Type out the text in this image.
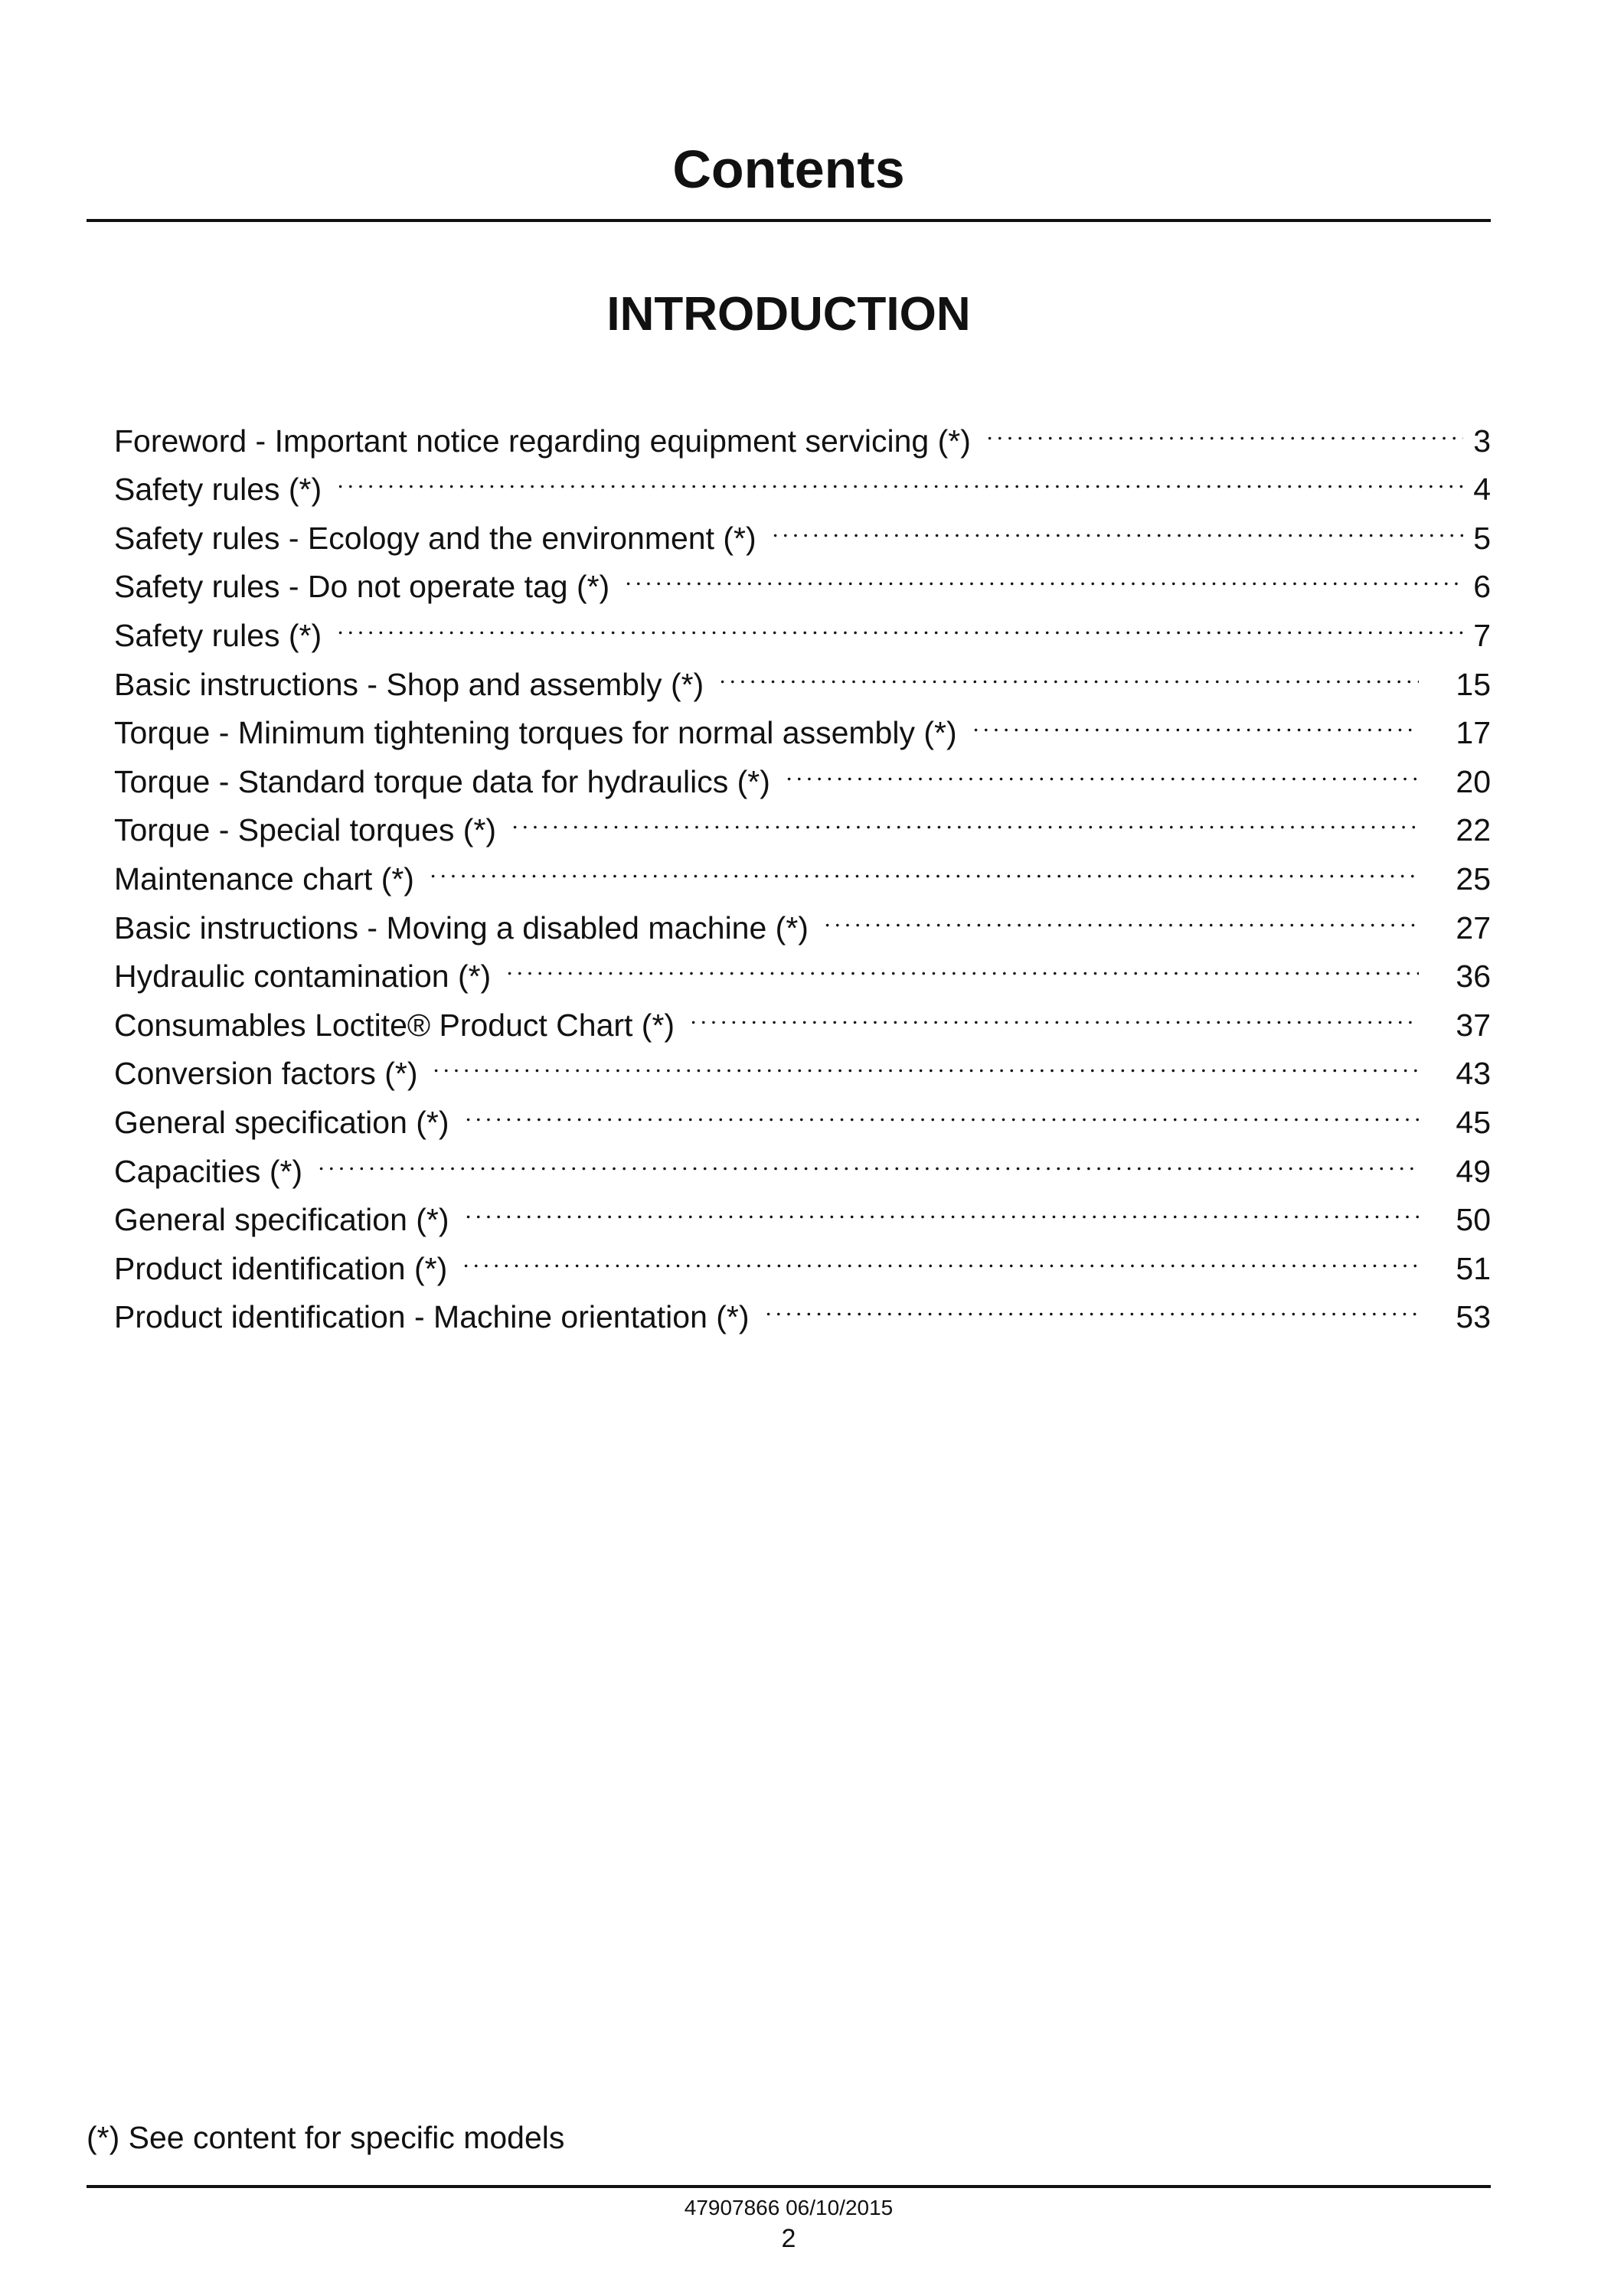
Contents
INTRODUCTION
Foreword - Important notice regarding equipment servicing (*)	3
Safety rules (*)	4
Safety rules - Ecology and the environment (*)	5
Safety rules - Do not operate tag (*)	6
Safety rules (*)	7
Basic instructions - Shop and assembly (*)	15
Torque - Minimum tightening torques for normal assembly (*)	17
Torque - Standard torque data for hydraulics (*)	20
Torque - Special torques (*)	22
Maintenance chart (*)	25
Basic instructions - Moving a disabled machine (*)	27
Hydraulic contamination (*)	36
Consumables Loctite® Product Chart (*)	37
Conversion factors (*)	43
General specification (*)	45
Capacities (*)	49
General specification (*)	50
Product identification (*)	51
Product identification - Machine orientation (*)	53
(*) See content for specific models
47907866 06/10/2015
2
